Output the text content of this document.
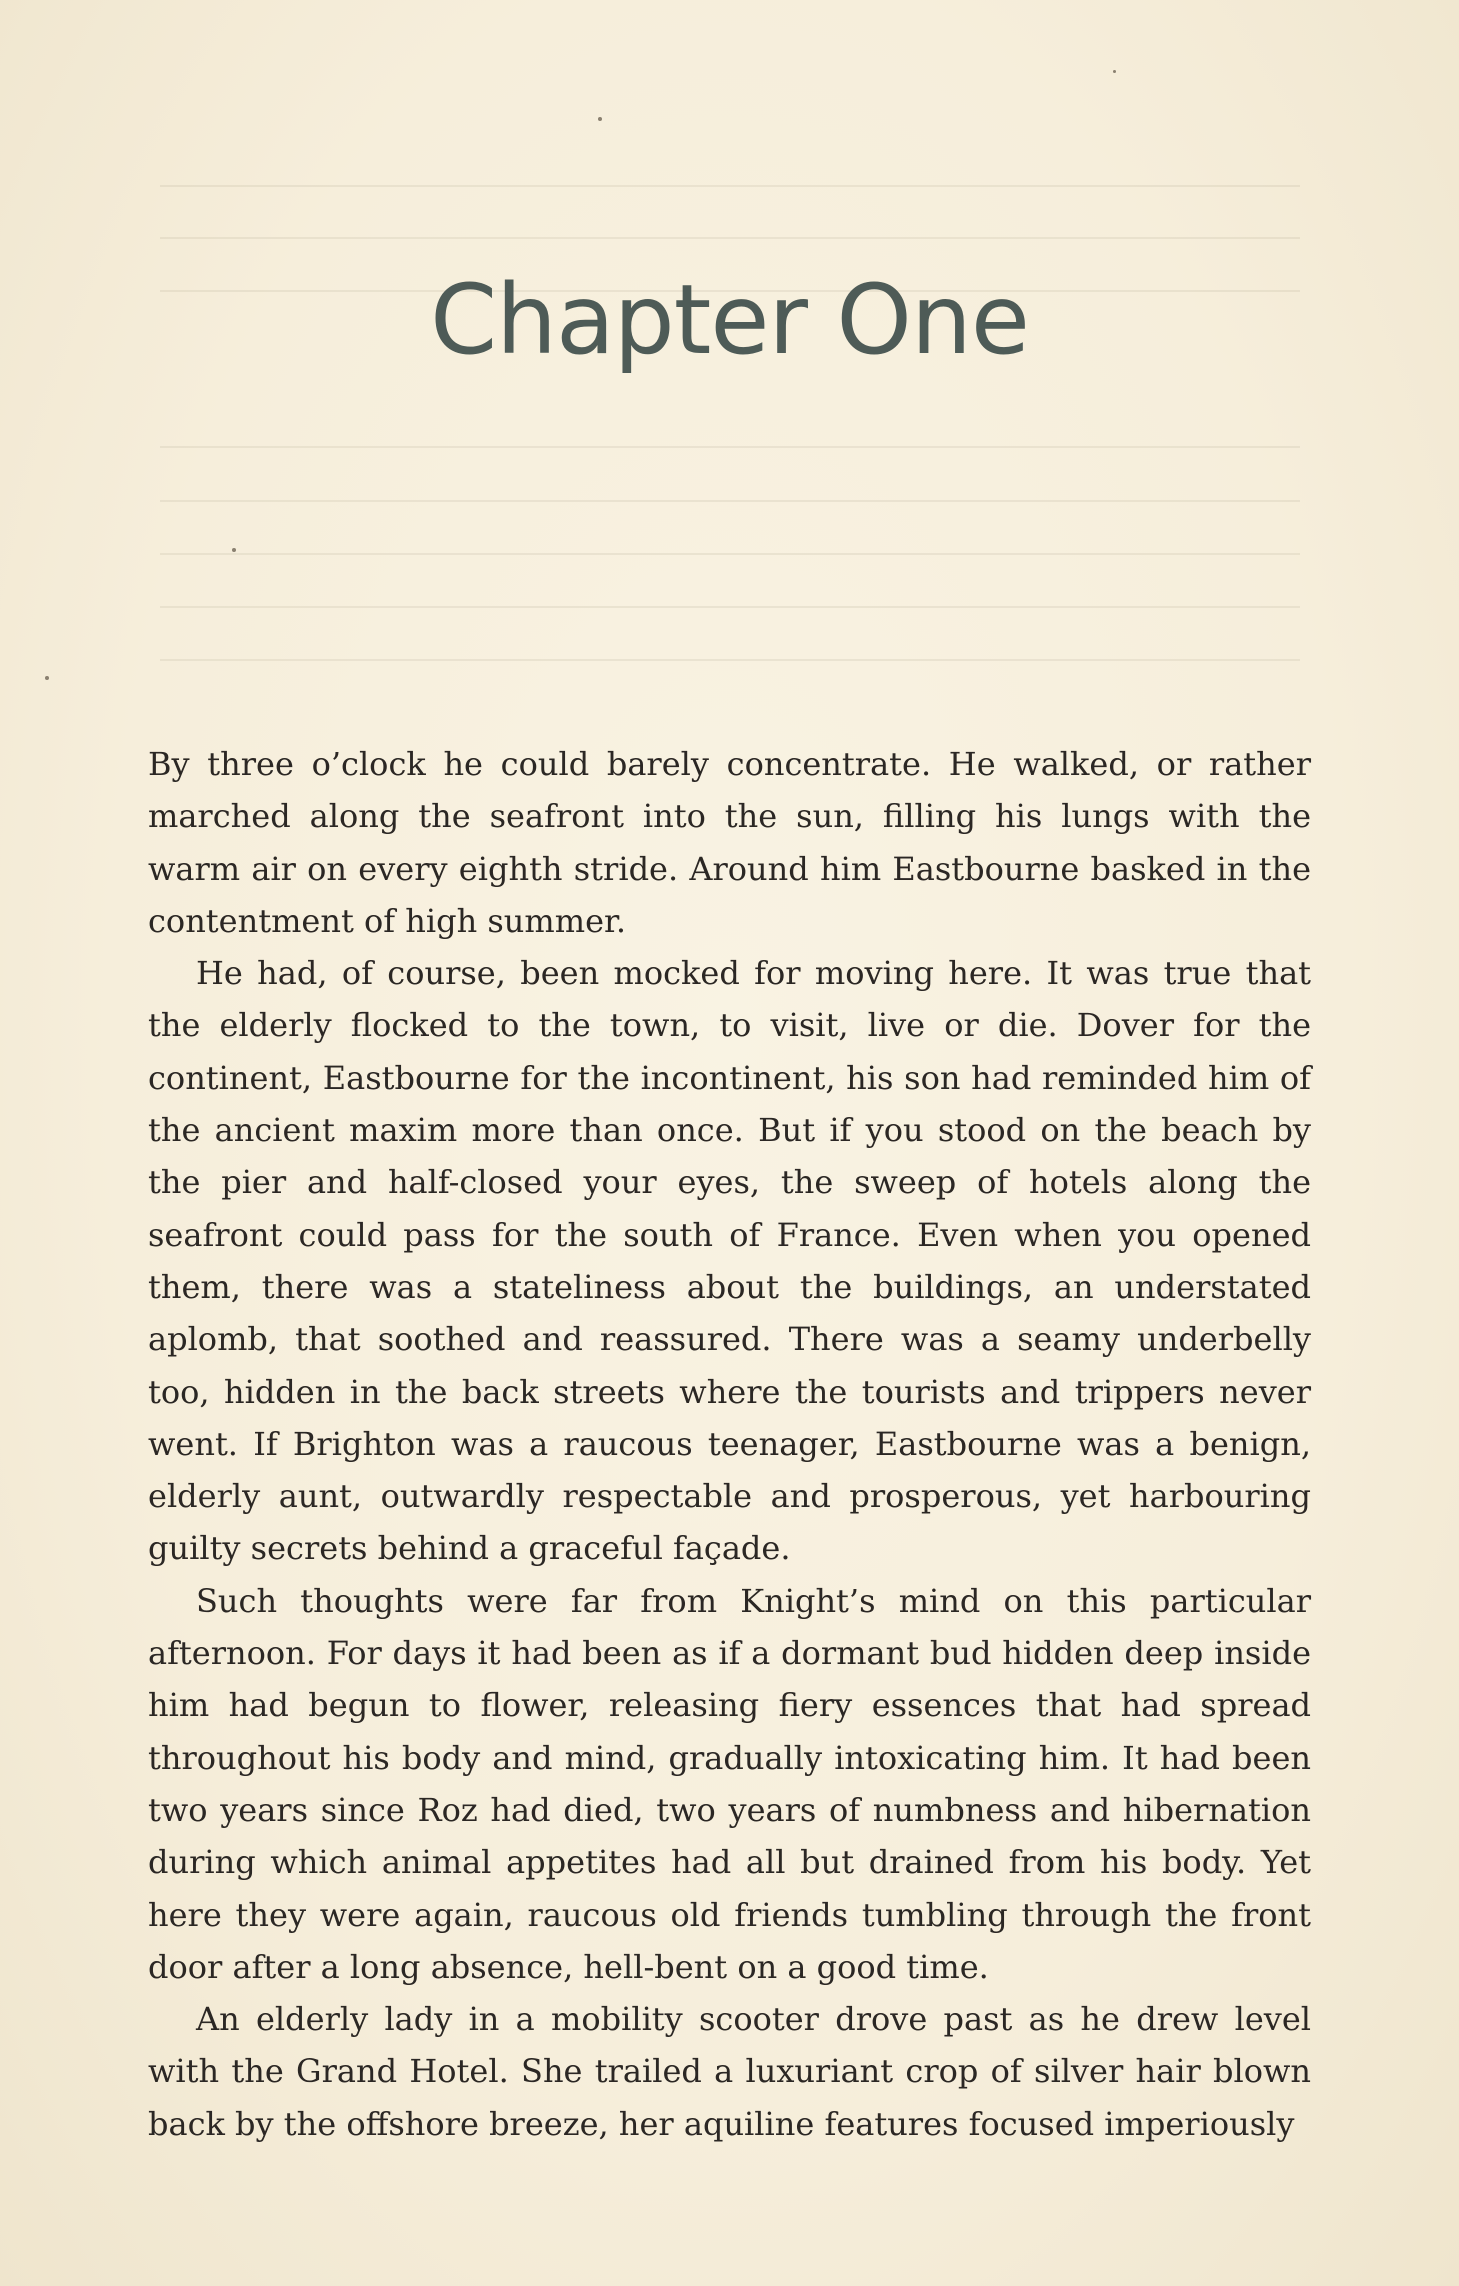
Chapter One

By three o’clock he could barely concentrate. He walked, or rather marched along the seafront into the sun, filling his lungs with the warm air on every eighth stride. Around him Eastbourne basked in the contentment of high summer.

He had, of course, been mocked for moving here. It was true that the elderly flocked to the town, to visit, live or die. Dover for the continent, Eastbourne for the incontinent, his son had reminded him of the ancient maxim more than once. But if you stood on the beach by the pier and half-closed your eyes, the sweep of hotels along the seafront could pass for the south of France. Even when you opened them, there was a stateliness about the buildings, an understated aplomb, that soothed and reassured. There was a seamy underbelly too, hidden in the back streets where the tourists and trippers never went. If Brighton was a raucous teenager, Eastbourne was a benign, elderly aunt, outwardly respectable and prosperous, yet harbouring guilty secrets behind a graceful façade.

Such thoughts were far from Knight’s mind on this particular afternoon. For days it had been as if a dormant bud hidden deep inside him had begun to flower, releasing fiery essences that had spread throughout his body and mind, gradually intoxicating him. It had been two years since Roz had died, two years of numbness and hibernation during which animal appetites had all but drained from his body. Yet here they were again, raucous old friends tumbling through the front door after a long absence, hell-bent on a good time.

An elderly lady in a mobility scooter drove past as he drew level with the Grand Hotel. She trailed a luxuriant crop of silver hair blown back by the offshore breeze, her aquiline features focused imperiously
